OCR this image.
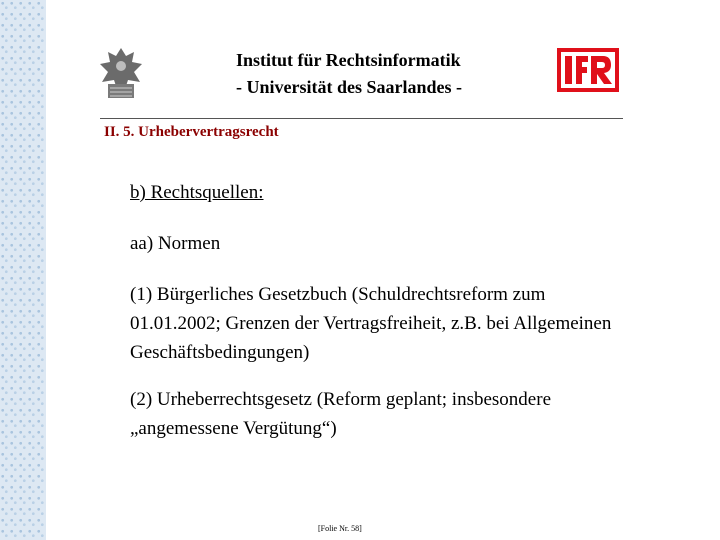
Institut für Rechtsinformatik
- Universität des Saarlandes -
II. 5. Urhebervertragsrecht

b) Rechtsquellen:

aa) Normen

(1) Bürgerliches Gesetzbuch (Schuldrechtsreform zum 01.01.2002; Grenzen der Vertragsfreiheit, z.B. bei Allgemeinen Geschäftsbedingungen)

(2) Urheberrechtsgesetz (Reform geplant; insbesondere „angemessene Vergütung“)

[Folie Nr. 58]
